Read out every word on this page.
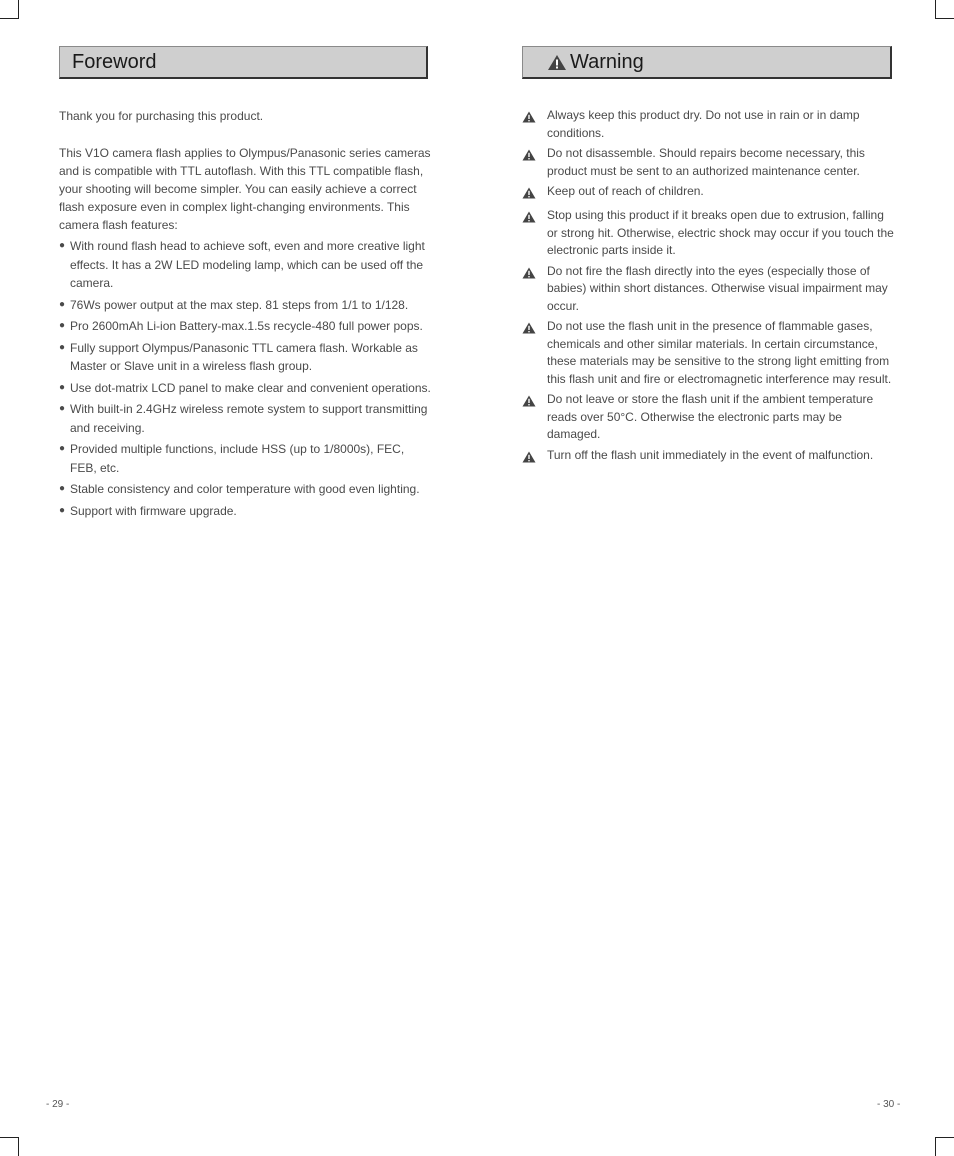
Foreword	Warning

Thank you for purchasing this product.

This V1O camera flash applies to Olympus/Panasonic series cameras and is compatible with TTL autoflash. With this TTL compatible flash, your shooting will become simpler. You can easily achieve a correct flash exposure even in complex light-changing environments. This camera flash features:

● With round flash head to achieve soft, even and more creative light effects. It has a 2W LED modeling lamp, which can be used off the camera.
● 76Ws power output at the max step. 81 steps from 1/1 to 1/128.
● Pro 2600mAh Li-ion Battery-max.1.5s recycle-480 full power pops.
● Fully support Olympus/Panasonic TTL camera flash. Workable as Master or Slave unit in a wireless flash group.
● Use dot-matrix LCD panel to make clear and convenient operations.
● With built-in 2.4GHz wireless remote system to support transmitting and receiving.
● Provided multiple functions, include HSS (up to 1/8000s), FEC, FEB, etc.
● Stable consistency and color temperature with good even lighting.
● Support with firmware upgrade.
Always keep this product dry. Do not use in rain or in damp conditions.
Do not disassemble. Should repairs become necessary, this product must be sent to an authorized maintenance center.
Keep out of reach of children.
Stop using this product if it breaks open due to extrusion, falling or strong hit. Otherwise, electric shock may occur if you touch the electronic parts inside it.
Do not fire the flash directly into the eyes (especially those of babies) within short distances. Otherwise visual impairment may occur.
Do not use the flash unit in the presence of flammable gases, chemicals and other similar materials. In certain circumstance, these materials may be sensitive to the strong light emitting from this flash unit and fire or electromagnetic interference may result.
Do not leave or store the flash unit if the ambient temperature reads over 50°C. Otherwise the electronic parts may be damaged.
Turn off the flash unit immediately in the event of malfunction.
- 29 -	- 30 -
